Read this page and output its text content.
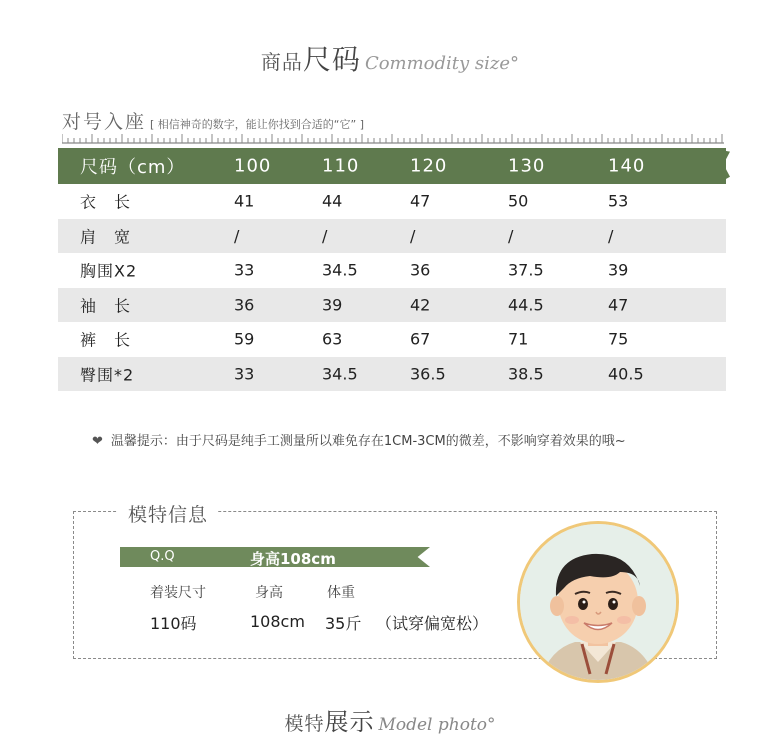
商品尺码 Commodity size°
对号入座 [ 相信神奇的数字，能让你找到合适的“它” ]
尺码（cm）	100	110	120	130	140
衣　长	41	44	47	50	53
肩　宽	/	/	/	/	/
胸围X2	33	34.5	36	37.5	39
袖　长	36	39	42	44.5	47
裤　长	59	63	67	71	75
臀围*2	33	34.5	36.5	38.5	40.5
❤ 温馨提示：由于尺码是纯手工测量所以难免存在1CM-3CM的微差，不影响穿着效果的哦~
模特信息
Q.Q	身高108cm
着装尺寸	身高	体重
110码	108cm 35斤 （试穿偏宽松）
模特展示 Model photo°
